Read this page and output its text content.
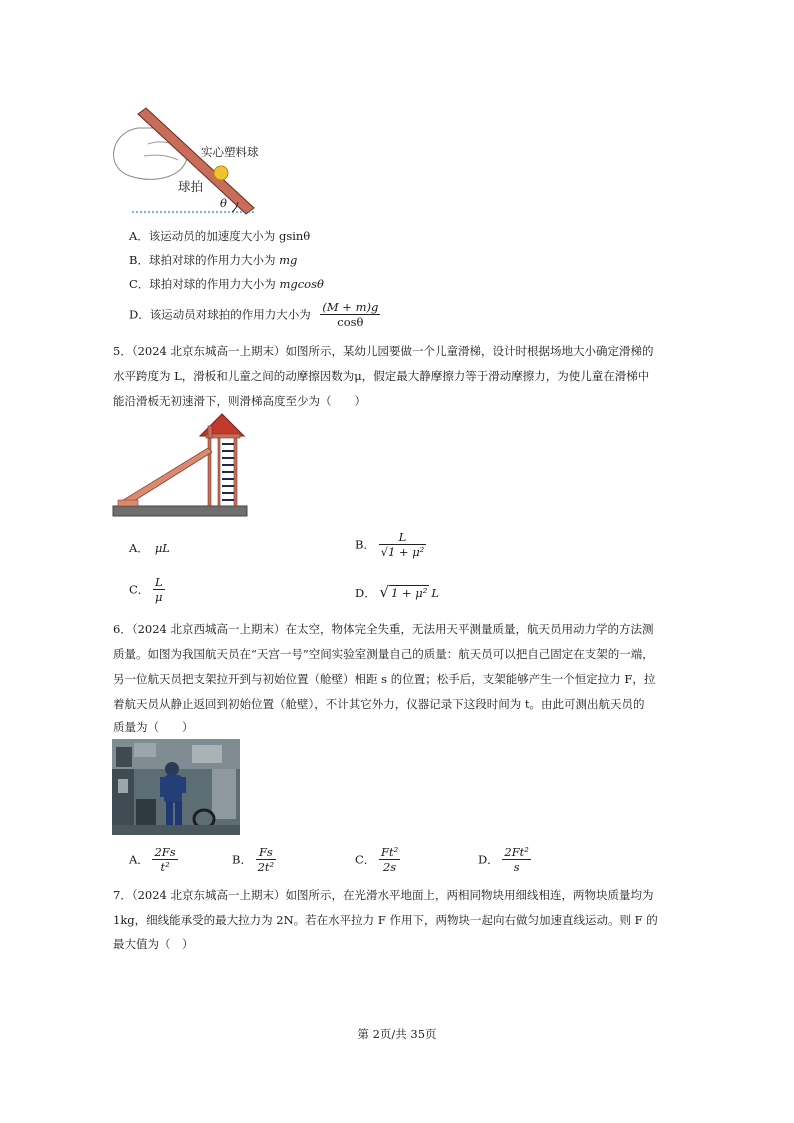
实心塑料球
球拍
θ
A．该运动员的加速度大小为 gsinθ
B．球拍对球的作用力大小为 mg
C．球拍对球的作用力大小为 mgcosθ
D．该运动员对球拍的作用力大小为 $\frac{(M + m)g}{\cos\theta}$
5．（2024 北京东城高一上期末）如图所示，某幼儿园要做一个儿童滑梯，设计时根据场地大小确定滑梯的
水平跨度为 L，滑板和儿童之间的动摩擦因数为μ，假定最大静摩擦力等于滑动摩擦力，为使儿童在滑梯中
能沿滑板无初速滑下，则滑梯高度至少为（　　）
A． μL	B． $\frac{L}{\text{√1 + μ²}}$
C． $\frac{L}{\mu}$	D． √ 1 + μ² L
6．（2024 北京西城高一上期末）在太空，物体完全失重，无法用天平测量质量，航天员用动力学的方法测
质量。如图为我国航天员在“天宫一号”空间实验室测量自己的质量：航天员可以把自己固定在支架的一端，
另一位航天员把支架拉开到与初始位置（舱壁）相距 s 的位置；松手后，支架能够产生一个恒定拉力 F，拉
着航天员从静止返回到初始位置（舱壁），不计其它外力，仪器记录下这段时间为 t。由此可测出航天员的
质量为（　　）
A． $\frac{2Fs}{\text{t²}}$	B． $\frac{Fs}{\text{2t²}}$	C． $\frac{\text{Ft²}}{2s}$	D． $\frac{\text{2Ft²}}{s}$
7．（2024 北京东城高一上期末）如图所示，在光滑水平地面上，两相同物块用细线相连，两物块质量均为
1kg，细线能承受的最大拉力为 2N。若在水平拉力 F 作用下，两物块一起向右做匀加速直线运动。则 F 的
最大值为（　）
第 2页/共 35页
